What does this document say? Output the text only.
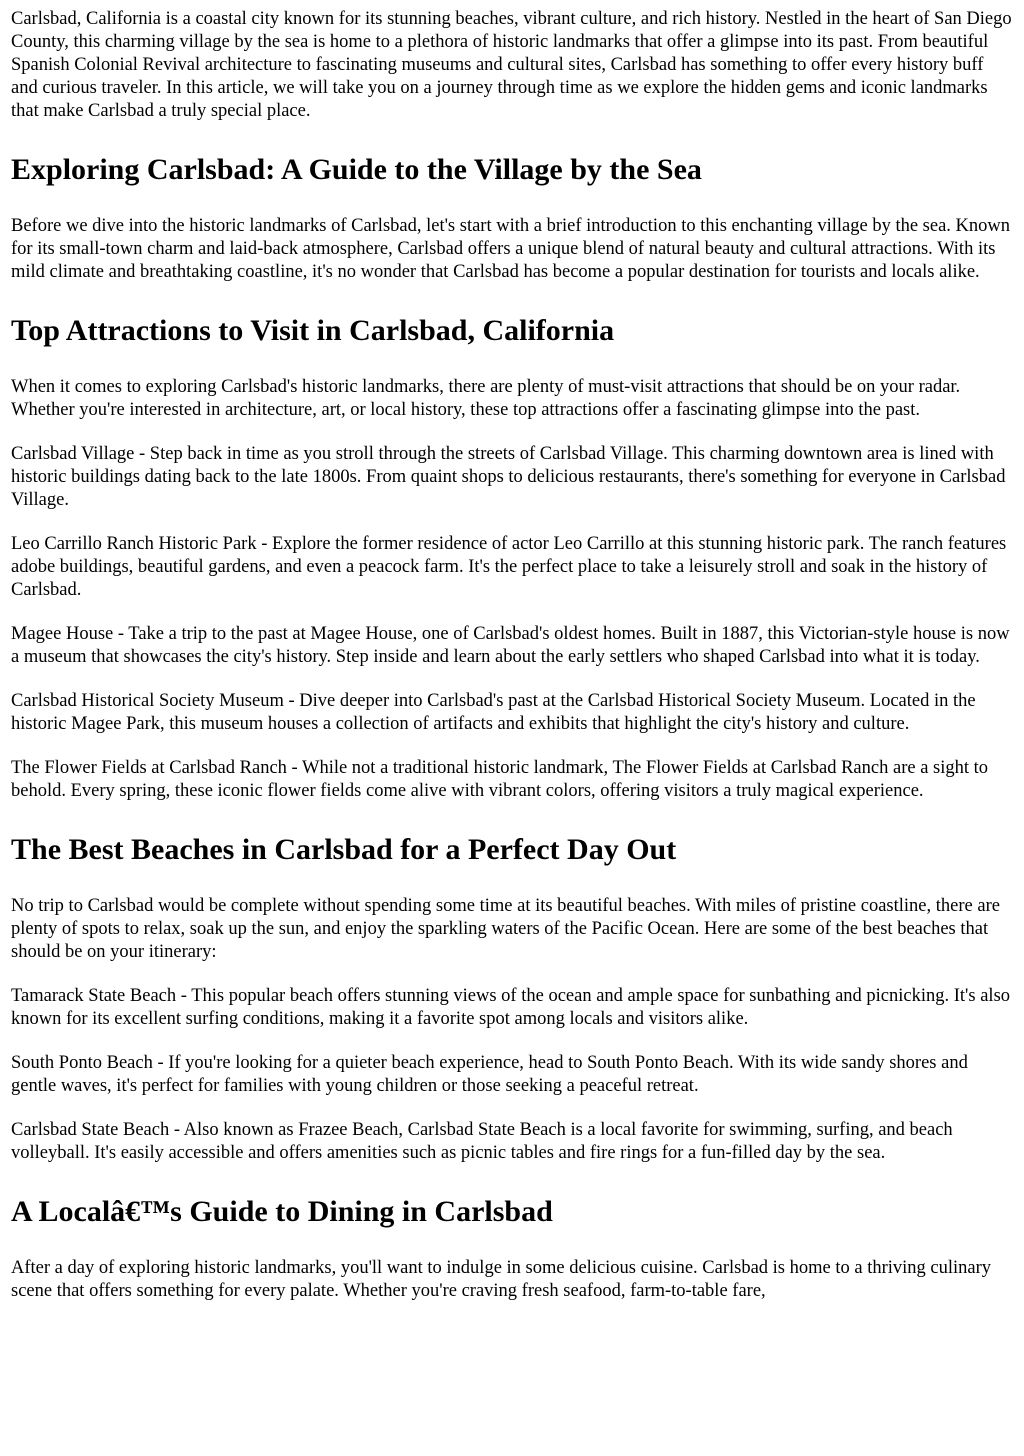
Carlsbad, California is a coastal city known for its stunning beaches, vibrant culture, and rich history. Nestled in the heart of San Diego County, this charming village by the sea is home to a plethora of historic landmarks that offer a glimpse into its past. From beautiful Spanish Colonial Revival architecture to fascinating museums and cultural sites, Carlsbad has something to offer every history buff and curious traveler. In this article, we will take you on a journey through time as we explore the hidden gems and iconic landmarks that make Carlsbad a truly special place.

Exploring Carlsbad: A Guide to the Village by the Sea

Before we dive into the historic landmarks of Carlsbad, let's start with a brief introduction to this enchanting village by the sea. Known for its small-town charm and laid-back atmosphere, Carlsbad offers a unique blend of natural beauty and cultural attractions. With its mild climate and breathtaking coastline, it's no wonder that Carlsbad has become a popular destination for tourists and locals alike.

Top Attractions to Visit in Carlsbad, California

When it comes to exploring Carlsbad's historic landmarks, there are plenty of must-visit attractions that should be on your radar. Whether you're interested in architecture, art, or local history, these top attractions offer a fascinating glimpse into the past.

Carlsbad Village - Step back in time as you stroll through the streets of Carlsbad Village. This charming downtown area is lined with historic buildings dating back to the late 1800s. From quaint shops to delicious restaurants, there's something for everyone in Carlsbad Village.

Leo Carrillo Ranch Historic Park - Explore the former residence of actor Leo Carrillo at this stunning historic park. The ranch features adobe buildings, beautiful gardens, and even a peacock farm. It's the perfect place to take a leisurely stroll and soak in the history of Carlsbad.

Magee House - Take a trip to the past at Magee House, one of Carlsbad's oldest homes. Built in 1887, this Victorian-style house is now a museum that showcases the city's history. Step inside and learn about the early settlers who shaped Carlsbad into what it is today.

Carlsbad Historical Society Museum - Dive deeper into Carlsbad's past at the Carlsbad Historical Society Museum. Located in the historic Magee Park, this museum houses a collection of artifacts and exhibits that highlight the city's history and culture.

The Flower Fields at Carlsbad Ranch - While not a traditional historic landmark, The Flower Fields at Carlsbad Ranch are a sight to behold. Every spring, these iconic flower fields come alive with vibrant colors, offering visitors a truly magical experience.

The Best Beaches in Carlsbad for a Perfect Day Out

No trip to Carlsbad would be complete without spending some time at its beautiful beaches. With miles of pristine coastline, there are plenty of spots to relax, soak up the sun, and enjoy the sparkling waters of the Pacific Ocean. Here are some of the best beaches that should be on your itinerary:

Tamarack State Beach - This popular beach offers stunning views of the ocean and ample space for sunbathing and picnicking. It's also known for its excellent surfing conditions, making it a favorite spot among locals and visitors alike.

South Ponto Beach - If you're looking for a quieter beach experience, head to South Ponto Beach. With its wide sandy shores and gentle waves, it's perfect for families with young children or those seeking a peaceful retreat.

Carlsbad State Beach - Also known as Frazee Beach, Carlsbad State Beach is a local favorite for swimming, surfing, and beach volleyball. It's easily accessible and offers amenities such as picnic tables and fire rings for a fun-filled day by the sea.

A Localâ€™s Guide to Dining in Carlsbad

After a day of exploring historic landmarks, you'll want to indulge in some delicious cuisine. Carlsbad is home to a thriving culinary scene that offers something for every palate. Whether you're craving fresh seafood, farm-to-table fare,
